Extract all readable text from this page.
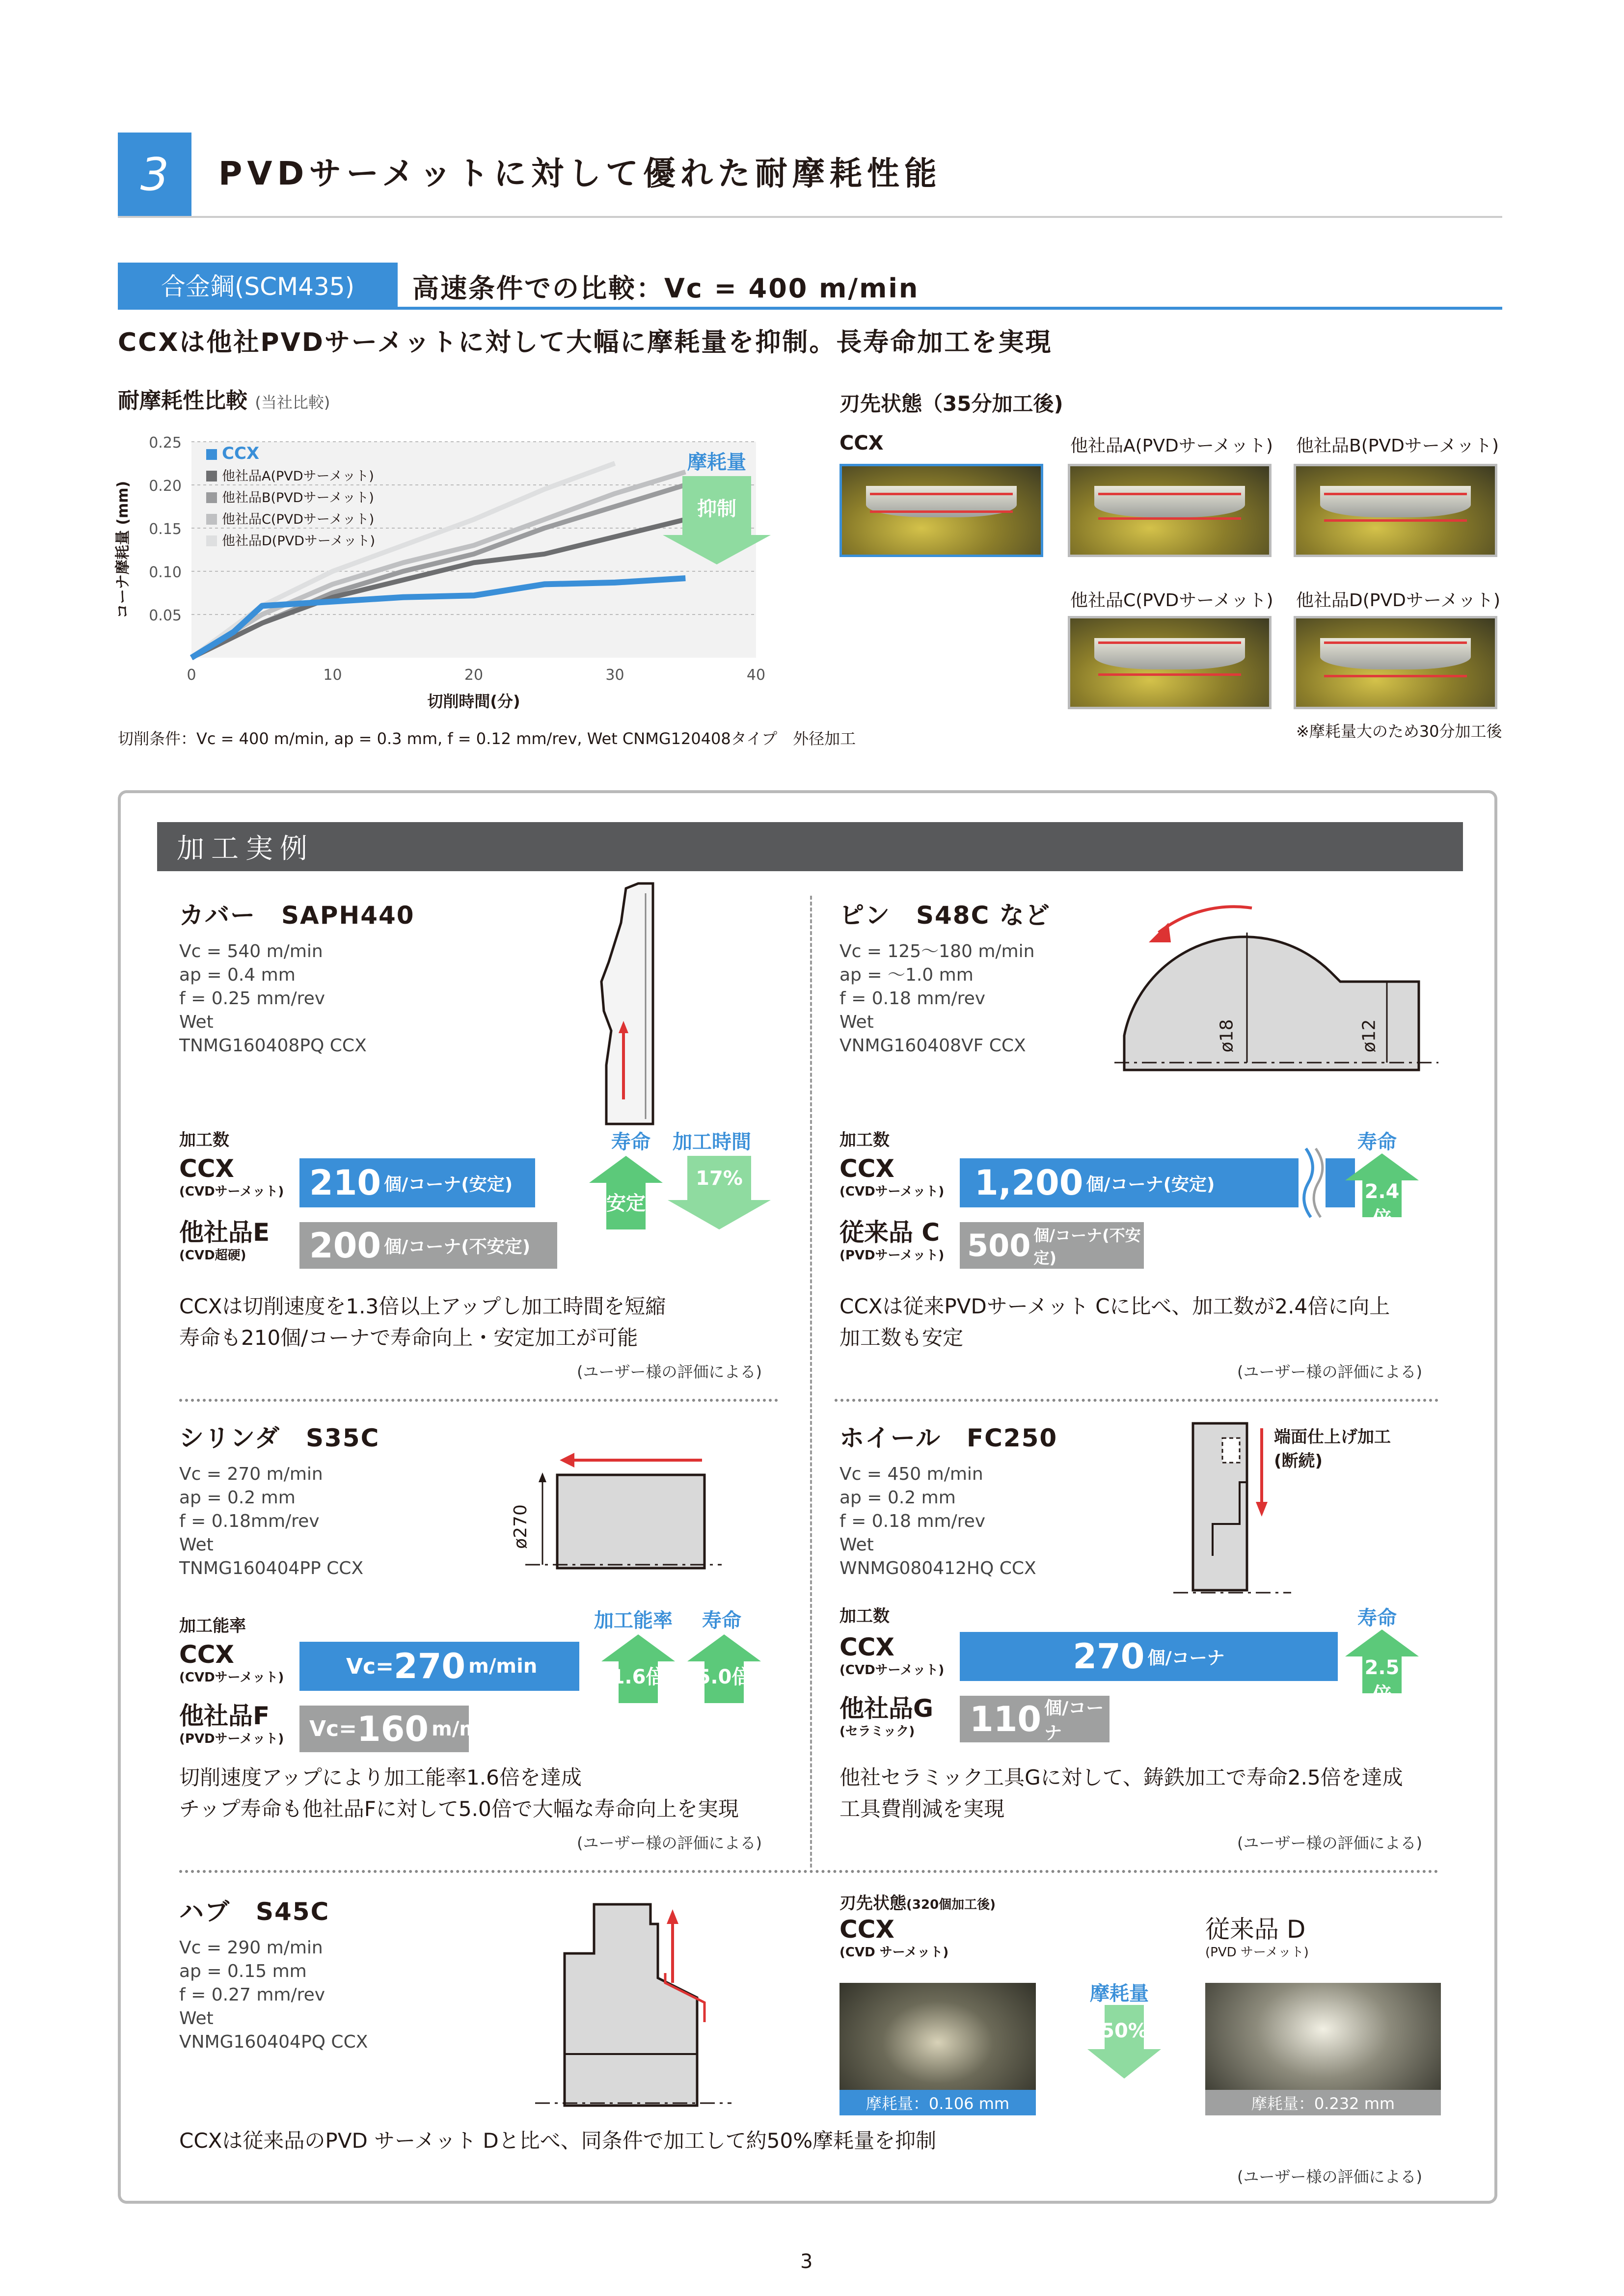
3	PVDサーメットに対して優れた耐摩耗性能
合金鋼(SCM435)	高速条件での比較：Vc = 400 m/min
CCXは他社PVDサーメットに対して大幅に摩耗量を抑制。長寿命加工を実現
耐摩耗性比較 (当社比較)
0.05
0.10
0.15
0.20
0.25
0	10	20	30	40
切削時間(分)
コーナ摩耗量 (mm)
CCX
他社品A(PVDサーメット)
他社品B(PVDサーメット)
他社品C(PVDサーメット)
他社品D(PVDサーメット)
摩耗量
抑制
切削条件：Vc = 400 m/min, ap = 0.3 mm, f = 0.12 mm/rev, Wet CNMG120408タイプ　外径加工
刃先状態（35分加工後)
CCX	他社品A(PVDサーメット) 他社品B(PVDサーメット)
他社品C(PVDサーメット) 他社品D(PVDサーメット)
※摩耗量大のため30分加工後
加工実例
カバー　SAPH440
Vc = 540 m/min
ap = 0.4 mm
f = 0.25 mm/rev
Wet
TNMG160408PQ CCX
加工数
CCX
(CVDサーメット) 210 個/コーナ(安定)
他社品E
(CVD超硬)	200 個/コーナ(不安定)
寿命 加工時間
安定
17%
CCXは切削速度を1.3倍以上アップし加工時間を短縮
寿命も210個/コーナで寿命向上・安定加工が可能
(ユーザー様の評価による)
ピン　S48C など
Vc = 125～180 m/min
ap = ～1.0 mm
f = 0.18 mm/rev
Wet
VNMG160408VF CCX	ø18	ø12
加工数
CCX
(CVDサーメット) 1,200 個/コーナ(安定)
従来品 C
(PVDサーメット) 500 個/コーナ(不安定)
寿命
2.4倍
CCXは従来PVDサーメット Cに比べ、加工数が2.4倍に向上
加工数も安定
(ユーザー様の評価による)
シリンダ　S35C
Vc = 270 m/min
ap = 0.2 mm
f = 0.18mm/rev
Wet
TNMG160404PP CCX
ø270
加工能率
CCX
(CVDサーメット)	Vc= 270 m/min
他社品F
(PVDサーメット) Vc= 160 m/min
加工能率 寿命
1.6倍 5.0倍
切削速度アップにより加工能率1.6倍を達成
チップ寿命も他社品Fに対して5.0倍で大幅な寿命向上を実現
(ユーザー様の評価による)
ホイール　FC250
Vc = 450 m/min
ap = 0.2 mm
f = 0.18 mm/rev
Wet
WNMG080412HQ CCX
端面仕上げ加工
(断続)
加工数
CCX
(CVDサーメット)	270 個/コーナ
他社品G
(セラミック)	110 個/コーナ
寿命
2.5倍
他社セラミック工具Gに対して、鋳鉄加工で寿命2.5倍を達成
工具費削減を実現
(ユーザー様の評価による)
ハブ　S45C
Vc = 290 m/min
ap = 0.15 mm
f = 0.27 mm/rev
Wet
VNMG160404PQ CCX
刃先状態(320個加工後)
CCX
(CVD サーメット)
従来品 D
(PVD サーメット)
摩耗量：0.106 mm	摩耗量：0.232 mm
摩耗量
50%
CCXは従来品のPVD サーメット Dと比べ、同条件で加工して約50%摩耗量を抑制
(ユーザー様の評価による)
3
